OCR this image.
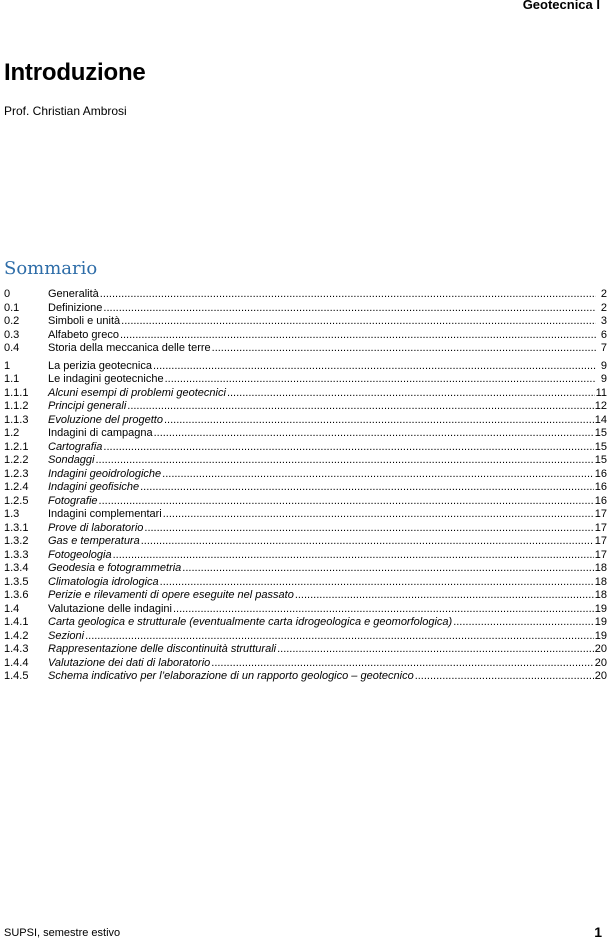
Geotecnica I
Introduzione
Prof. Christian Ambrosi
Sommario
0	Generalità .....	2
0.1	Definizione .....	2
0.2	Simboli e unità .....	3
0.3	Alfabeto greco .....	6
0.4	Storia della meccanica delle terre .....	7
1	La perizia geotecnica .....	9
1.1	Le indagini geotecniche .....	9
1.1.1	Alcuni esempi di problemi geotecnici .....	11
1.1.2	Principi generali .....	12
1.1.3	Evoluzione del progetto .....	14
1.2	Indagini di campagna .....	15
1.2.1	Cartografia .....	15
1.2.2	Sondaggi .....	15
1.2.3	Indagini geoidrologiche .....	16
1.2.4	Indagini geofisiche .....	16
1.2.5	Fotografie .....	16
1.3	Indagini complementari .....	17
1.3.1	Prove di laboratorio .....	17
1.3.2	Gas e temperatura .....	17
1.3.3	Fotogeologia .....	17
1.3.4	Geodesia e fotogrammetria .....	18
1.3.5	Climatologia idrologica .....	18
1.3.6	Perizie e rilevamenti di opere eseguite nel passato .....	18
1.4	Valutazione delle indagini .....	19
1.4.1	Carta geologica e strutturale (eventualmente carta idrogeologica e geomorfologica) .....	19
1.4.2	Sezioni .....	19
1.4.3	Rappresentazione delle discontinuità strutturali .....	20
1.4.4	Valutazione dei dati di laboratorio .....	20
1.4.5	Schema indicativo per l’elaborazione di un rapporto geologico – geotecnico .....	20
SUPSI, semestre estivo	1
